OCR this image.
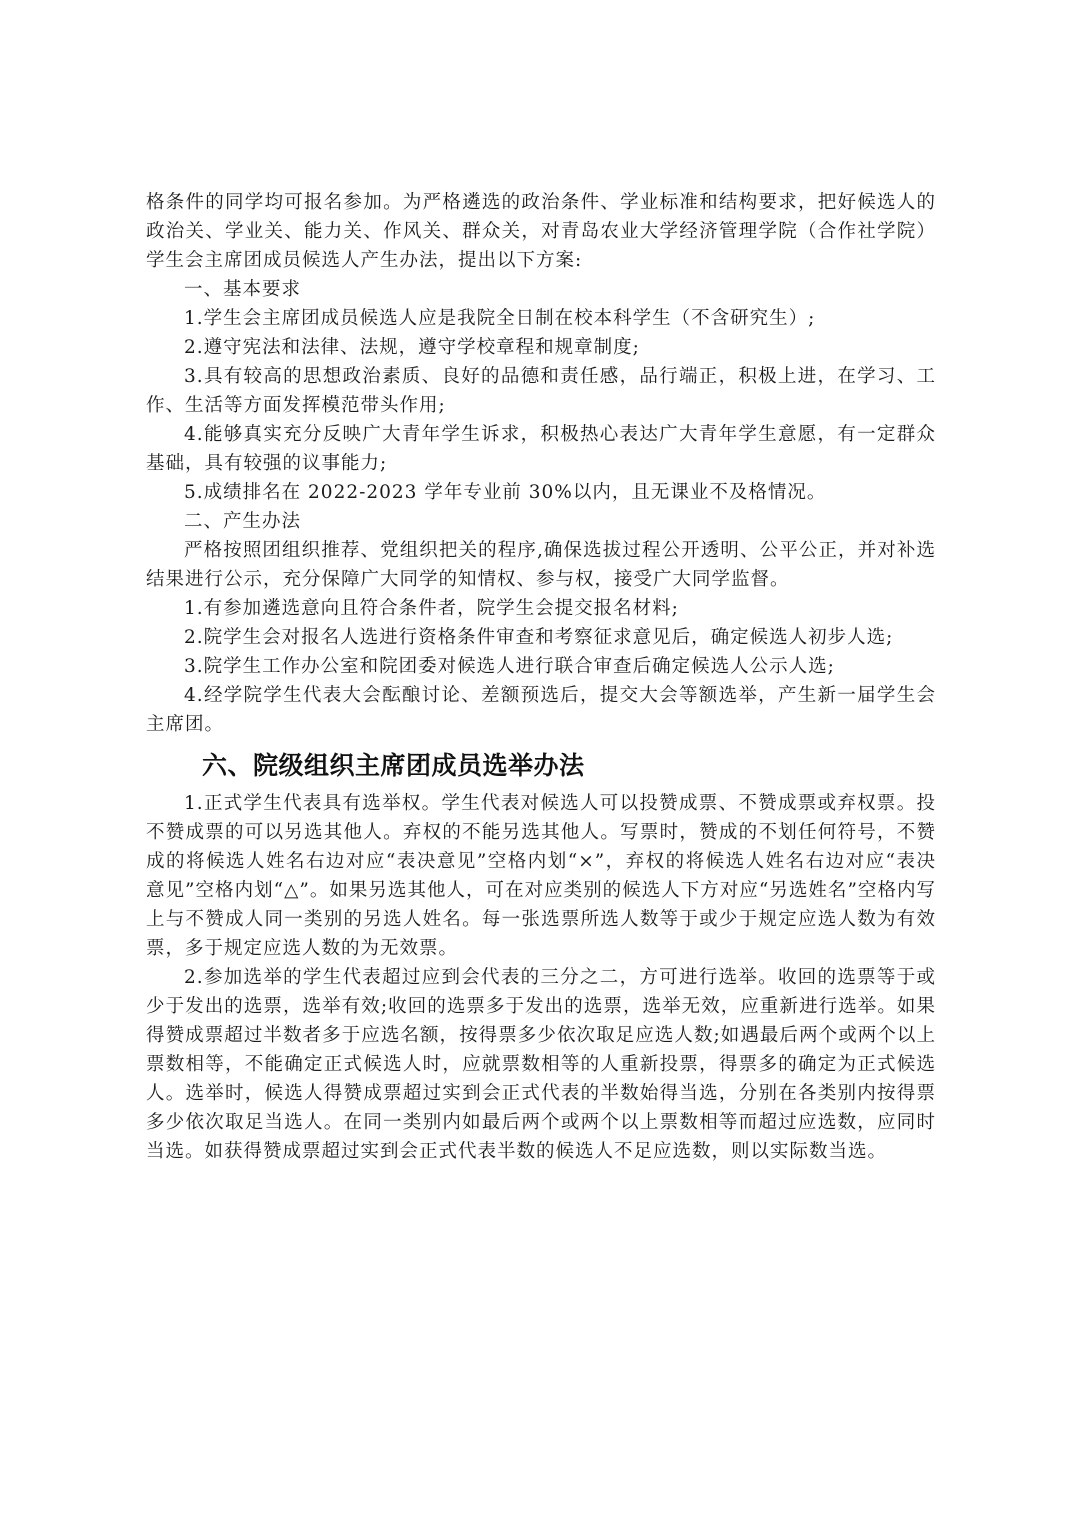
格条件的同学均可报名参加。为严格遴选的政治条件、学业标准和结构要求，把好候选人的政治关、学业关、能力关、作风关、群众关，对青岛农业大学经济管理学院（合作社学院）学生会主席团成员候选人产生办法，提出以下方案:

一、基本要求

1.学生会主席团成员候选人应是我院全日制在校本科学生（不含研究生）;

2.遵守宪法和法律、法规，遵守学校章程和规章制度;

3.具有较高的思想政治素质、良好的品德和责任感，品行端正，积极上进，在学习、工作、生活等方面发挥模范带头作用;

4.能够真实充分反映广大青年学生诉求，积极热心表达广大青年学生意愿，有一定群众基础，具有较强的议事能力;

5.成绩排名在 2022-2023 学年专业前 30%以内，且无课业不及格情况。

二、产生办法

严格按照团组织推荐、党组织把关的程序,确保选拔过程公开透明、公平公正，并对补选结果进行公示，充分保障广大同学的知情权、参与权，接受广大同学监督。

1.有参加遴选意向且符合条件者，院学生会提交报名材料;

2.院学生会对报名人选进行资格条件审查和考察征求意见后，确定候选人初步人选;

3.院学生工作办公室和院团委对候选人进行联合审查后确定候选人公示人选;

4.经学院学生代表大会酝酿讨论、差额预选后，提交大会等额选举，产生新一届学生会主席团。

六、院级组织主席团成员选举办法

1.正式学生代表具有选举权。学生代表对候选人可以投赞成票、不赞成票或弃权票。投不赞成票的可以另选其他人。弃权的不能另选其他人。写票时，赞成的不划任何符号，不赞成的将候选人姓名右边对应“表决意见”空格内划“×”，弃权的将候选人姓名右边对应“表决意见”空格内划“△”。如果另选其他人，可在对应类别的候选人下方对应“另选姓名”空格内写上与不赞成人同一类别的另选人姓名。每一张选票所选人数等于或少于规定应选人数为有效票，多于规定应选人数的为无效票。

2.参加选举的学生代表超过应到会代表的三分之二，方可进行选举。收回的选票等于或少于发出的选票，选举有效;收回的选票多于发出的选票，选举无效，应重新进行选举。如果得赞成票超过半数者多于应选名额，按得票多少依次取足应选人数;如遇最后两个或两个以上票数相等，不能确定正式候选人时，应就票数相等的人重新投票，得票多的确定为正式候选人。选举时，候选人得赞成票超过实到会正式代表的半数始得当选，分别在各类别内按得票多少依次取足当选人。在同一类别内如最后两个或两个以上票数相等而超过应选数，应同时当选。如获得赞成票超过实到会正式代表半数的候选人不足应选数，则以实际数当选。
